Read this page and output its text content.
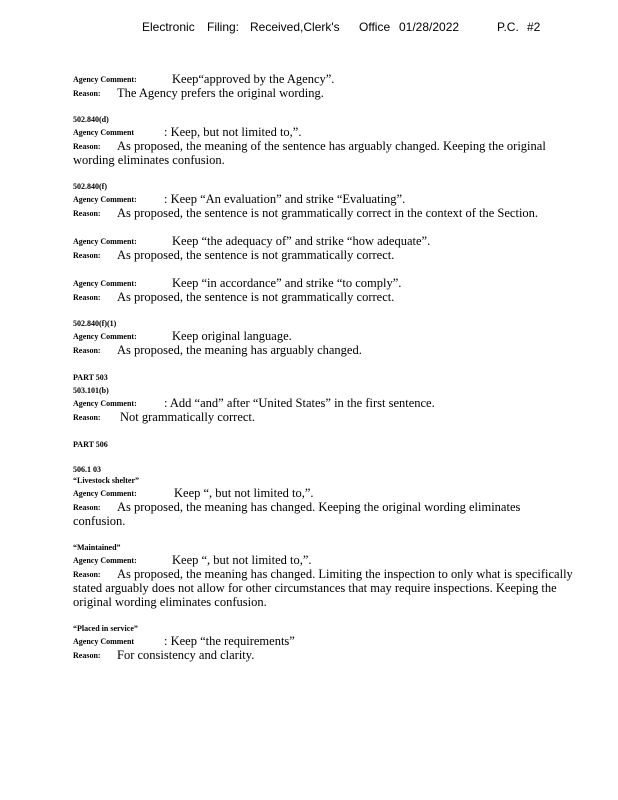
Electronic Filing: Received,Clerk's Office 01/28/2022	P.C. #2
Agency Comment:	Keep“approved by the Agency”.
Reason:	The Agency prefers the original wording.
502.840(d)
Agency Comment : Keep, but not limited to,”.
Reason:	As proposed, the meaning of the sentence has arguably changed. Keeping the original wording eliminates confusion.
502.840(f)
Agency Comment: : Keep “An evaluation” and strike “Evaluating”.
Reason:	As proposed, the sentence is not grammatically correct in the context of the Section.
Agency Comment:	Keep “the adequacy of” and strike “how adequate”.
Reason:	As proposed, the sentence is not grammatically correct.
Agency Comment:	Keep “in accordance” and strike “to comply”.
Reason:	As proposed, the sentence is not grammatically correct.
502.840(f)(1)
Agency Comment:	Keep original language.
Reason:	As proposed, the meaning has arguably changed.
PART 503
503.101(b)
Agency Comment: : Add “and” after “United States” in the first sentence.
Reason:	Not grammatically correct.
PART 506
506.1 03
“Livestock shelter”
Agency Comment:	Keep “, but not limited to,”.
Reason:	As proposed, the meaning has changed. Keeping the original wording eliminates confusion.
“Maintained”
Agency Comment:	Keep “, but not limited to,”.
Reason:	As proposed, the meaning has changed. Limiting the inspection to only what is specifically stated arguably does not allow for other circumstances that may require inspections. Keeping the original wording eliminates confusion.
“Placed in service”
Agency Comment : Keep “the requirements”
Reason:	For consistency and clarity.
